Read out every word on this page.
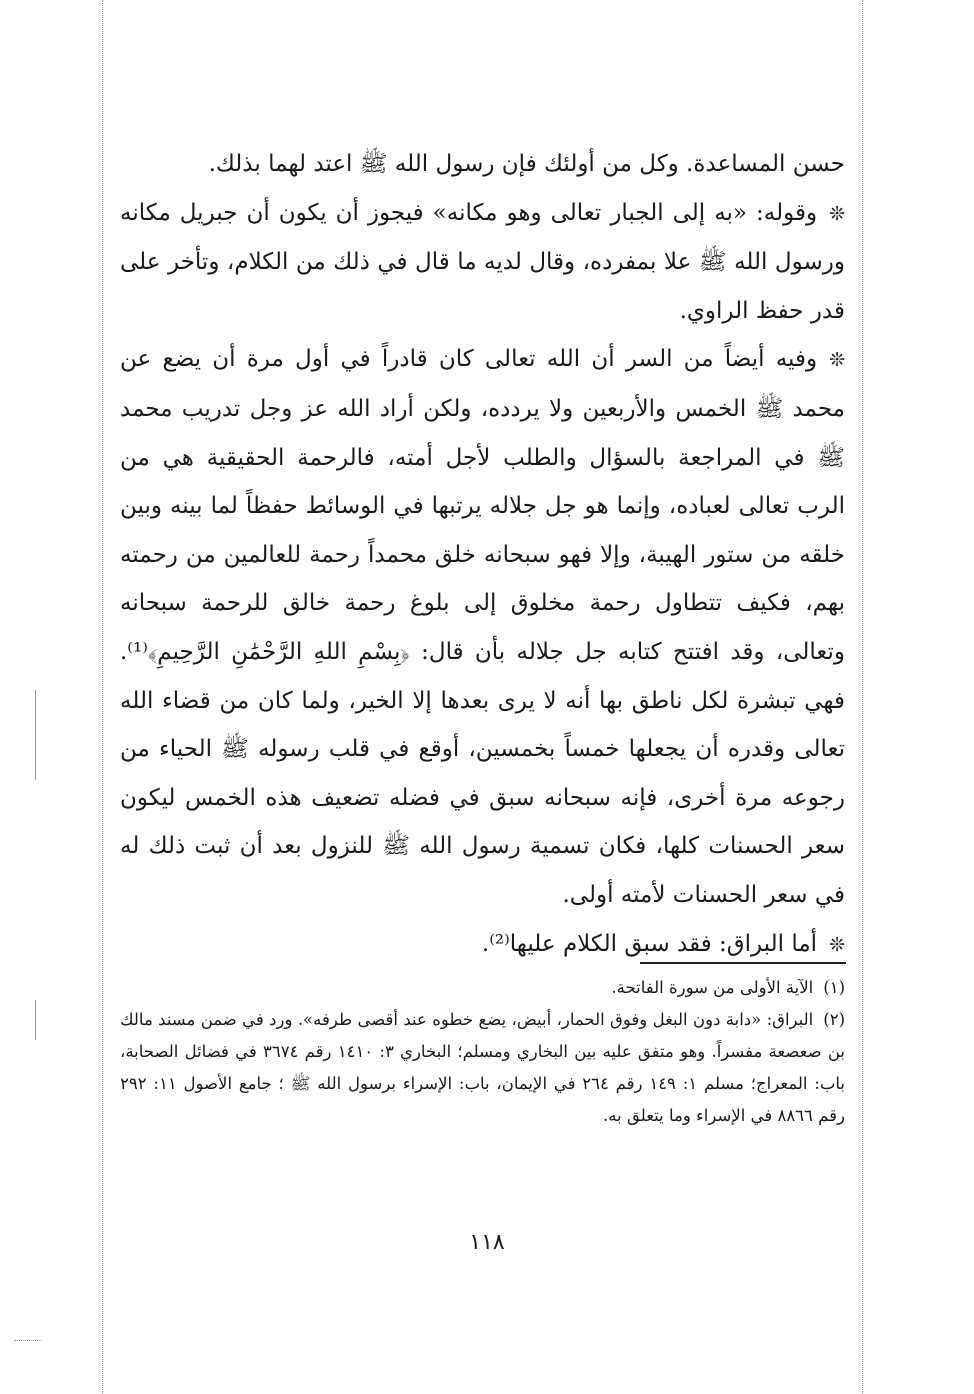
حسن المساعدة. وكل من أولئك فإن رسول الله ﷺ اعتد لهما بذلك.

❊وقوله: «به إلى الجبار تعالى وهو مكانه» فيجوز أن يكون أن جبريل مكانه ورسول الله ﷺ علا بمفرده، وقال لديه ما قال في ذلك من الكلام، وتأخر على قدر حفظ الراوي.

❊وفيه أيضاً من السر أن الله تعالى كان قادراً في أول مرة أن يضع عن محمد ﷺ الخمس والأربعين ولا يردده، ولكن أراد الله عز وجل تدريب محمد ﷺ في المراجعة بالسؤال والطلب لأجل أمته، فالرحمة الحقيقية هي من الرب تعالى لعباده، وإنما هو جل جلاله يرتبها في الوسائط حفظاً لما بينه وبين خلقه من ستور الهيبة، وإلا فهو سبحانه خلق محمداً رحمة للعالمين من رحمته بهم، فكيف تتطاول رحمة مخلوق إلى بلوغ رحمة خالق للرحمة سبحانه وتعالى، وقد افتتح كتابه جل جلاله بأن قال: ﴿بِسْمِ اللهِ الرَّحْمَٰنِ الرَّحِيمِ﴾⁽¹⁾. فهي تبشرة لكل ناطق بها أنه لا يرى بعدها إلا الخير، ولما كان من قضاء الله تعالى وقدره أن يجعلها خمساً بخمسين، أوقع في قلب رسوله ﷺ الحياء من رجوعه مرة أخرى، فإنه سبحانه سبق في فضله تضعيف هذه الخمس ليكون سعر الحسنات كلها، فكان تسمية رسول الله ﷺ للنزول بعد أن ثبت ذلك له في سعر الحسنات لأمته أولى.

❊أما البراق: فقد سبق الكلام عليها⁽²⁾.

(١)الآية الأولى من سورة الفاتحة.

(٢)البراق: «دابة دون البغل وفوق الحمار، أبيض، يضع خطوه عند أقصى طرفه». ورد في ضمن مسند مالك بن صعصعة مفسراً. وهو متفق عليه بين البخاري ومسلم؛ البخاري ٣: ١٤١٠ رقم ٣٦٧٤ في فضائل الصحابة، باب: المعراج؛ مسلم ١: ١٤٩ رقم ٢٦٤ في الإيمان، باب: الإسراء برسول الله ﷺ ؛ جامع الأصول ١١: ٢٩٢ رقم ٨٨٦٦ في الإسراء وما يتعلق به.

١١٨
